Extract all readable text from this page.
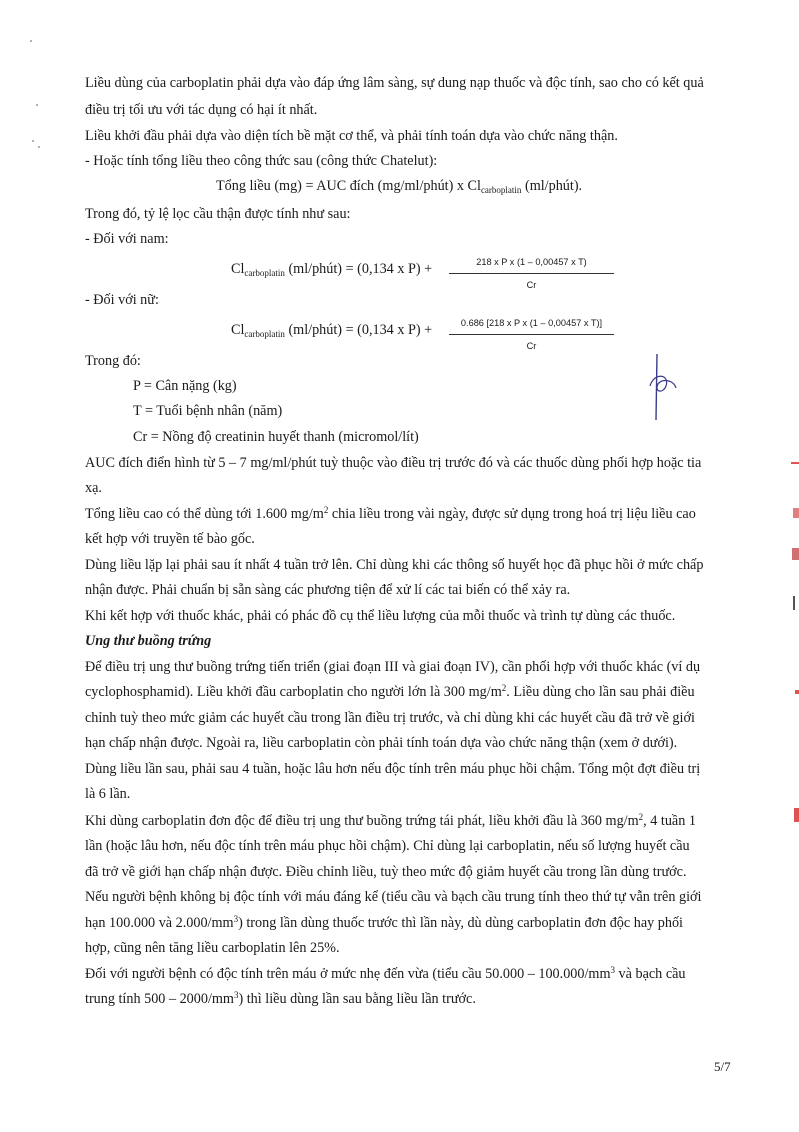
Liều dùng của carboplatin phải dựa vào đáp ứng lâm sàng, sự dung nạp thuốc và độc tính, sao cho có kết quả
điều trị tối ưu với tác dụng có hại ít nhất.
Liều khởi đầu phải dựa vào diện tích bề mặt cơ thể, và phải tính toán dựa vào chức năng thận.
- Hoặc tính tổng liều theo công thức sau (công thức Chatelut):
Tổng liều (mg) = AUC đích (mg/ml/phút) x $Cl_{carboplatin}$ (ml/phút).
Trong đó, tỷ lệ lọc cầu thận được tính như sau:
- Đối với nam:
$Cl_{carboplatin}$ (ml/phút) = (0,134 x $P) + \frac{\text{218 x P x (1 – 0,00457 x T)}}{Cr}$
- Đối với nữ:
$Cl_{carboplatin}$ (ml/phút) = (0,134 x $P) + \frac{\text{0.686 [218 x P x (1 – 0,00457 x T)]}}{Cr}$
Trong đó:
P = Cân nặng (kg)
T = Tuổi bệnh nhân (năm)
Cr = Nồng độ creatinin huyết thanh (micromol/lít)
AUC đích điển hình từ 5 – 7 mg/ml/phút tuỳ thuộc vào điều trị trước đó và các thuốc dùng phối hợp hoặc tia
xạ.
Tổng liều cao có thể dùng tới 1.600 $mg/m^2$ chia liều trong vài ngày, được sử dụng trong hoá trị liệu liều cao
kết hợp với truyền tế bào gốc.
Dùng liều lặp lại phải sau ít nhất 4 tuần trở lên. Chỉ dùng khi các thông số huyết học đã phục hồi ở mức chấp
nhận được. Phải chuẩn bị sẵn sàng các phương tiện để xử lí các tai biến có thể xảy ra.
Khi kết hợp với thuốc khác, phải có phác đồ cụ thể liều lượng của mỗi thuốc và trình tự dùng các thuốc.
Ung thư buồng trứng
Để điều trị ung thư buồng trứng tiến triển (giai đoạn III và giai đoạn IV), cần phối hợp với thuốc khác (ví dụ
cyclophosphamid). Liều khởi đầu carboplatin cho người lớn là 300 $mg/m^2$. Liều dùng cho lần sau phải điều
chỉnh tuỳ theo mức giảm các huyết cầu trong lần điều trị trước, và chỉ dùng khi các huyết cầu đã trở về giới
hạn chấp nhận được. Ngoài ra, liều carboplatin còn phải tính toán dựa vào chức năng thận (xem ở dưới).
Dùng liều lần sau, phải sau 4 tuần, hoặc lâu hơn nếu độc tính trên máu phục hồi chậm. Tổng một đợt điều trị
là 6 lần.
Khi dùng carboplatin đơn độc để điều trị ung thư buồng trứng tái phát, liều khởi đầu là 360 $mg/m^2$, 4 tuần 1
lần (hoặc lâu hơn, nếu độc tính trên máu phục hồi chậm). Chỉ dùng lại carboplatin, nếu số lượng huyết cầu
đã trở về giới hạn chấp nhận được. Điều chỉnh liều, tuỳ theo mức độ giảm huyết cầu trong lần dùng trước.
Nếu người bệnh không bị độc tính với máu đáng kể (tiểu cầu và bạch cầu trung tính theo thứ tự vẫn trên giới
hạn 100.000 và $2.000/mm^3$) trong lần dùng thuốc trước thì lần này, dù dùng carboplatin đơn độc hay phối
hợp, cũng nên tăng liều carboplatin lên 25%.
Đối với người bệnh có độc tính trên máu ở mức nhẹ đến vừa (tiểu cầu $50.000 - 100.000/mm^3$ và bạch cầu
trung tính $500 - 2000/mm^3$) thì liều dùng lần sau bằng liều lần trước.
5/7
